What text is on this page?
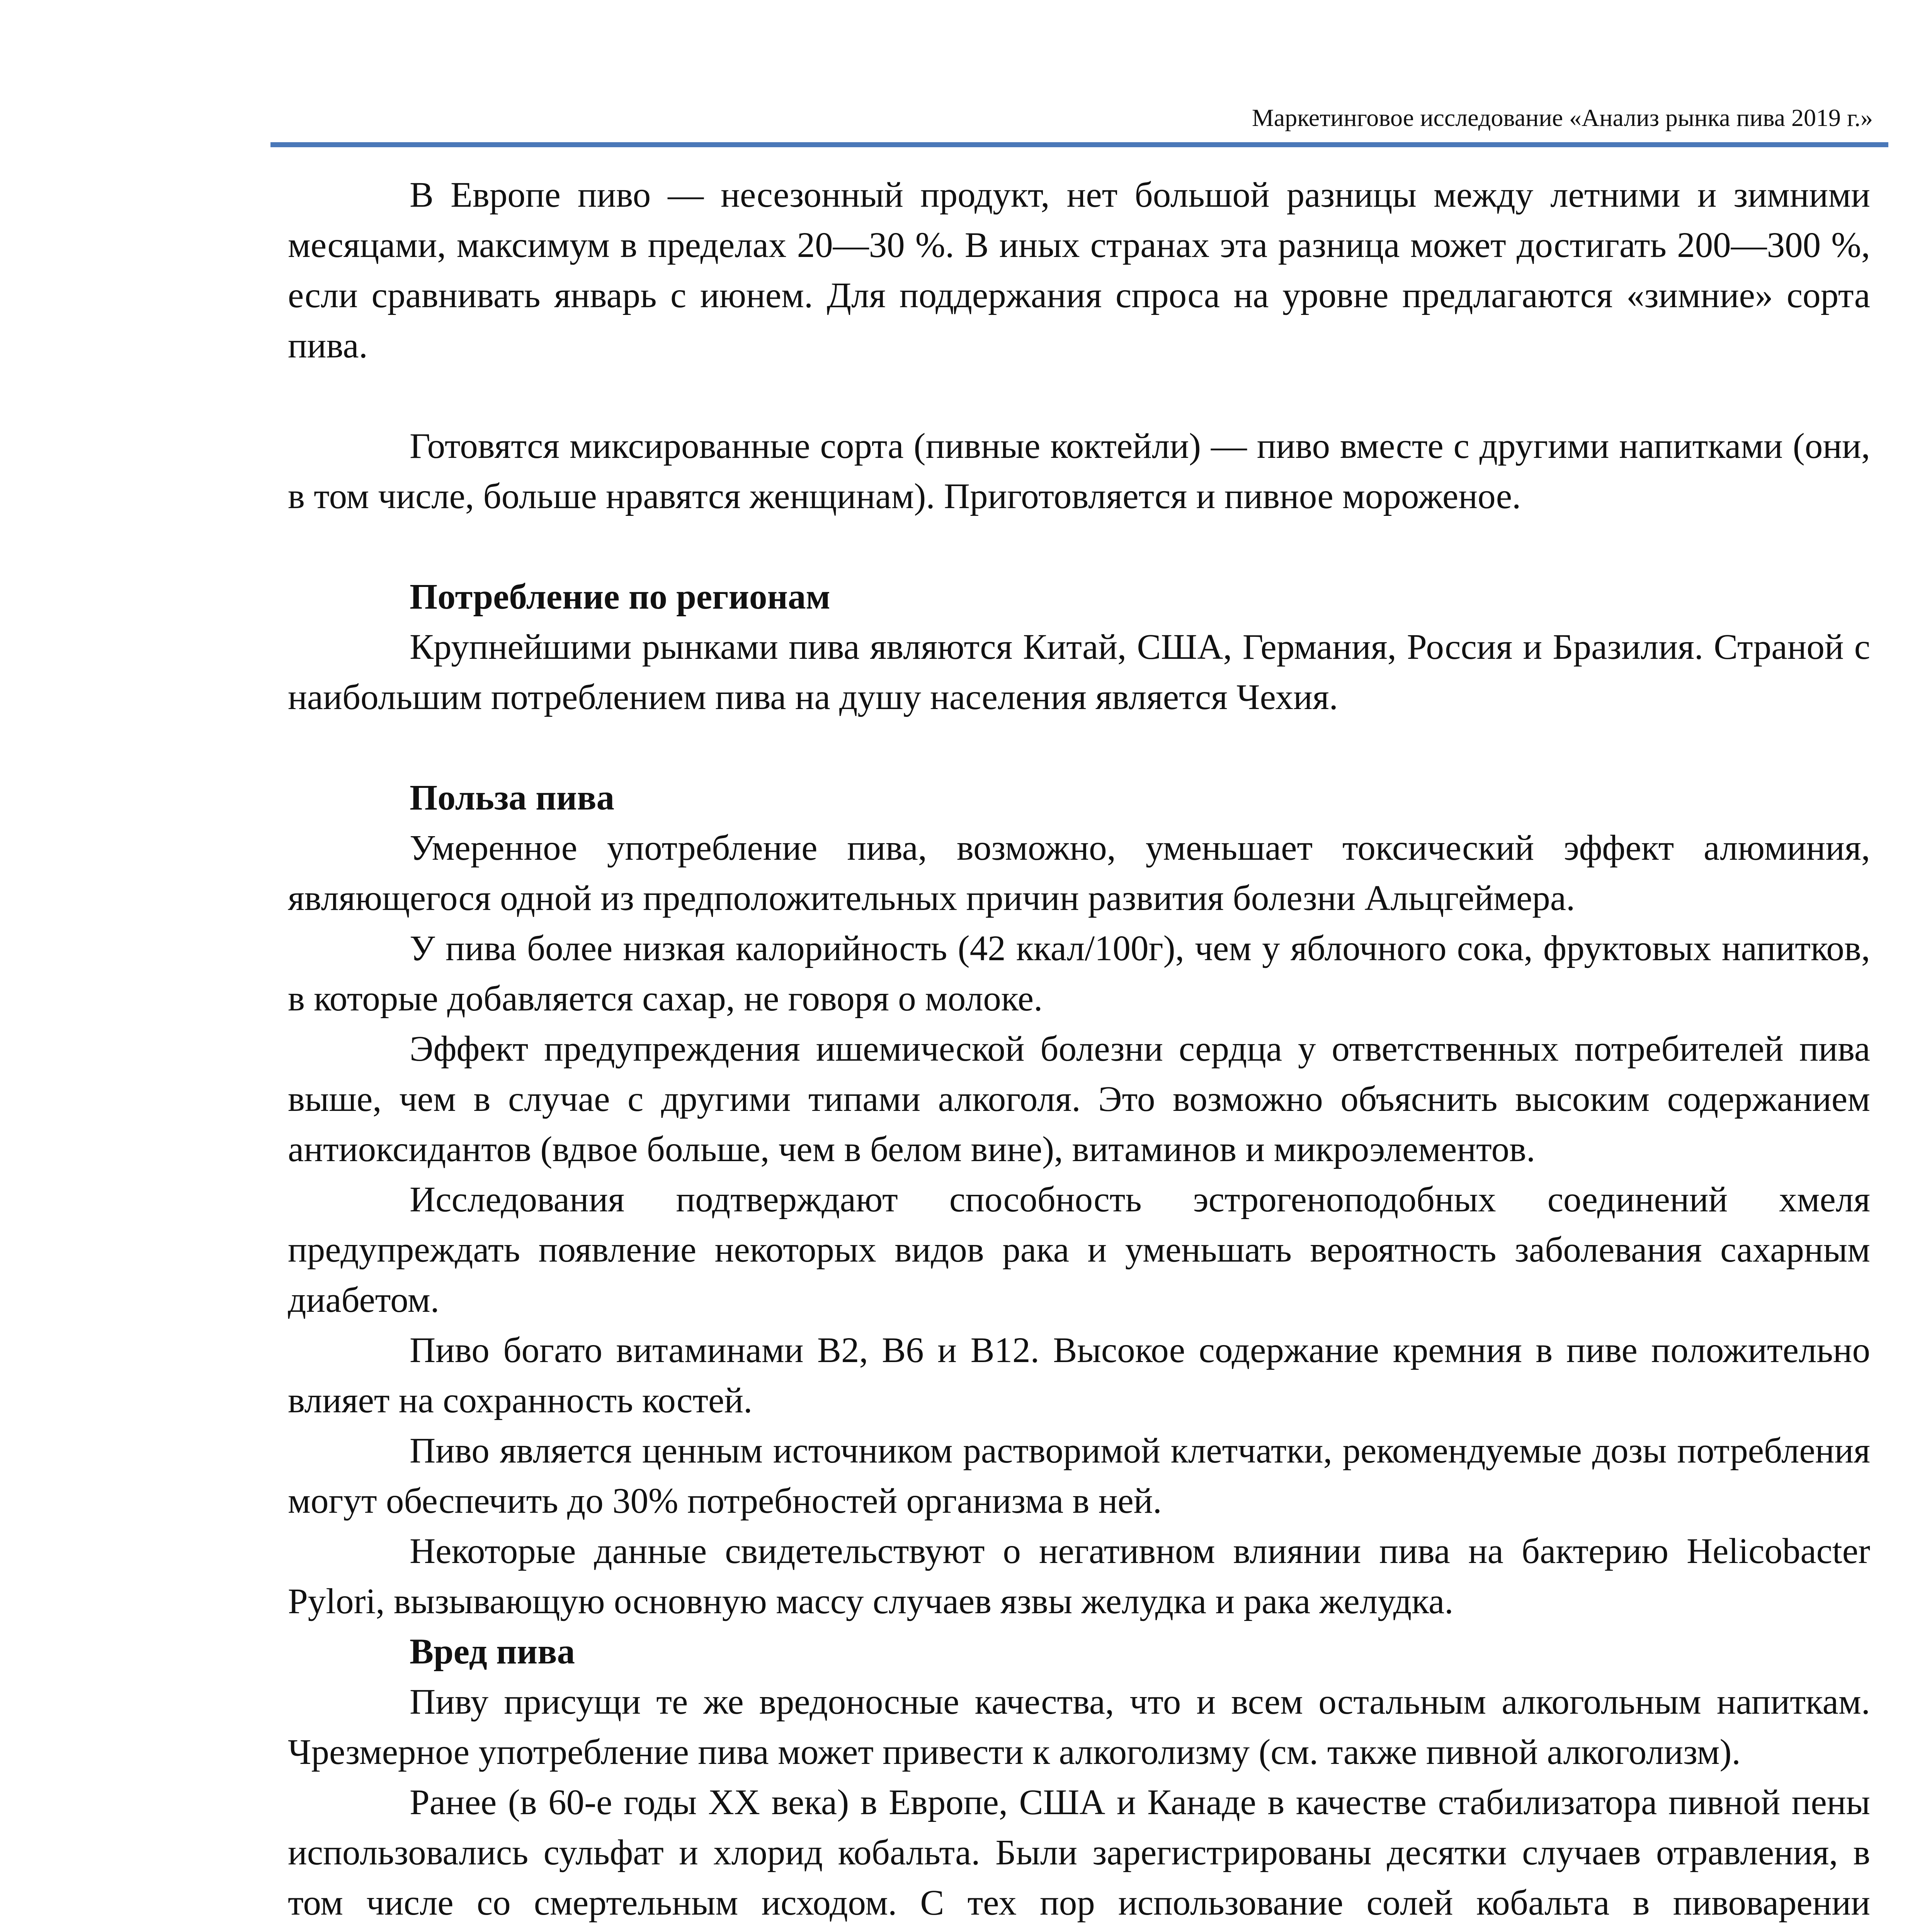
Маркетинговое исследование «Анализ рынка пива 2019 г.»

В Европе пиво — несезонный продукт, нет большой разницы между летними и зимними месяцами, максимум в пределах 20—30 %. В иных странах эта разница может достигать 200—300 %, если сравнивать январь с июнем. Для поддержания спроса на уровне предлагаются «зимние» сорта пива.

Готовятся миксированные сорта (пивные коктейли) — пиво вместе с другими напитками (они, в том числе, больше нравятся женщинам). Приготовляется и пивное мороженое.

Потребление по регионам

Крупнейшими рынками пива являются Китай, США, Германия, Россия и Бразилия. Страной с наибольшим потреблением пива на душу населения является Чехия.

Польза пива

Умеренное употребление пива, возможно, уменьшает токсический эффект алюминия, являющегося одной из предположительных причин развития болезни Альцгеймера.

У пива более низкая калорийность (42 ккал/100г), чем у яблочного сока, фруктовых напитков, в которые добавляется сахар, не говоря о молоке.

Эффект предупреждения ишемической болезни сердца у ответственных потребителей пива выше, чем в случае с другими типами алкоголя. Это возможно объяснить высоким содержанием антиоксидантов (вдвое больше, чем в белом вине), витаминов и микроэлементов.

Исследования подтверждают способность эстрогеноподобных соединений хмеля предупреждать появление некоторых видов рака и уменьшать вероятность заболевания сахарным диабетом.

Пиво богато витаминами B2, B6 и B12. Высокое содержание кремния в пиве положительно влияет на сохранность костей.

Пиво является ценным источником растворимой клетчатки, рекомендуемые дозы потребления могут обеспечить до 30% потребностей организма в ней.

Некоторые данные свидетельствуют о негативном влиянии пива на бактерию Helicobacter Pylori, вызывающую основную массу случаев язвы желудка и рака желудка.

Вред пива

Пиву присущи те же вредоносные качества, что и всем остальным алкогольным напиткам. Чрезмерное употребление пива может привести к алкоголизму (см. также пивной алкоголизм).

Ранее (в 60-е годы XX века) в Европе, США и Канаде в качестве стабилизатора пивной пены использовались сульфат и хлорид кобальта. Были зарегистрированы десятки случаев отравления, в том числе со смертельным исходом. С тех пор использование солей кобальта в пивоварении
